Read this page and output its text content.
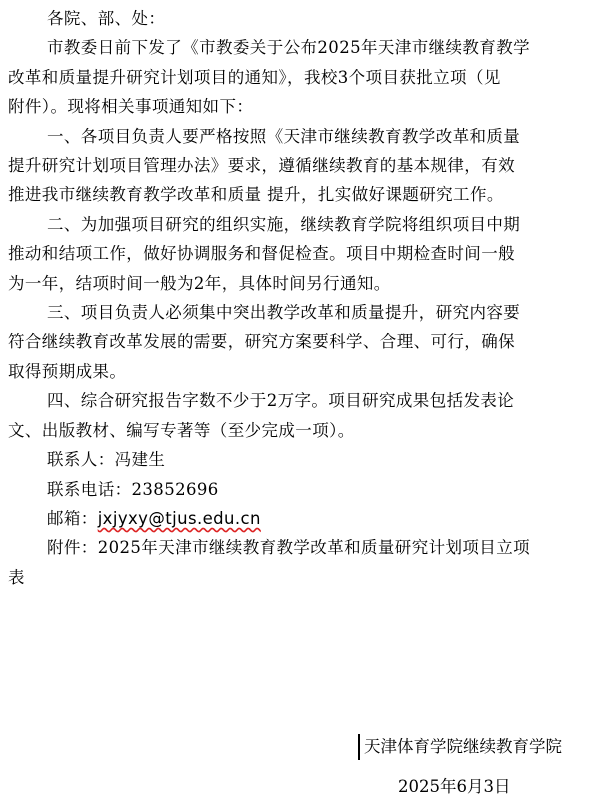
各院、部、处：
市教委日前下发了《市教委关于公布2025年天津市继续教育教学
改革和质量提升研究计划项目的通知》，我校3个项目获批立项（见
附件）。现将相关事项通知如下：
一、各项目负责人要严格按照《天津市继续教育教学改革和质量
提升研究计划项目管理办法》要求，遵循继续教育的基本规律，有效
推进我市继续教育教学改革和质量 提升，扎实做好课题研究工作。
二、为加强项目研究的组织实施，继续教育学院将组织项目中期
推动和结项工作，做好协调服务和督促检查。项目中期检查时间一般
为一年，结项时间一般为2年，具体时间另行通知。
三、项目负责人必须集中突出教学改革和质量提升，研究内容要
符合继续教育改革发展的需要，研究方案要科学、合理、可行，确保
取得预期成果。
四、综合研究报告字数不少于2万字。项目研究成果包括发表论
文、出版教材、编写专著等（至少完成一项）。
联系人：冯建生
联系电话：23852696
邮箱：jxjyxy@tjus.edu.cn
附件：2025年天津市继续教育教学改革和质量研究计划项目立项
表
天津体育学院继续教育学院
2025年6月3日
